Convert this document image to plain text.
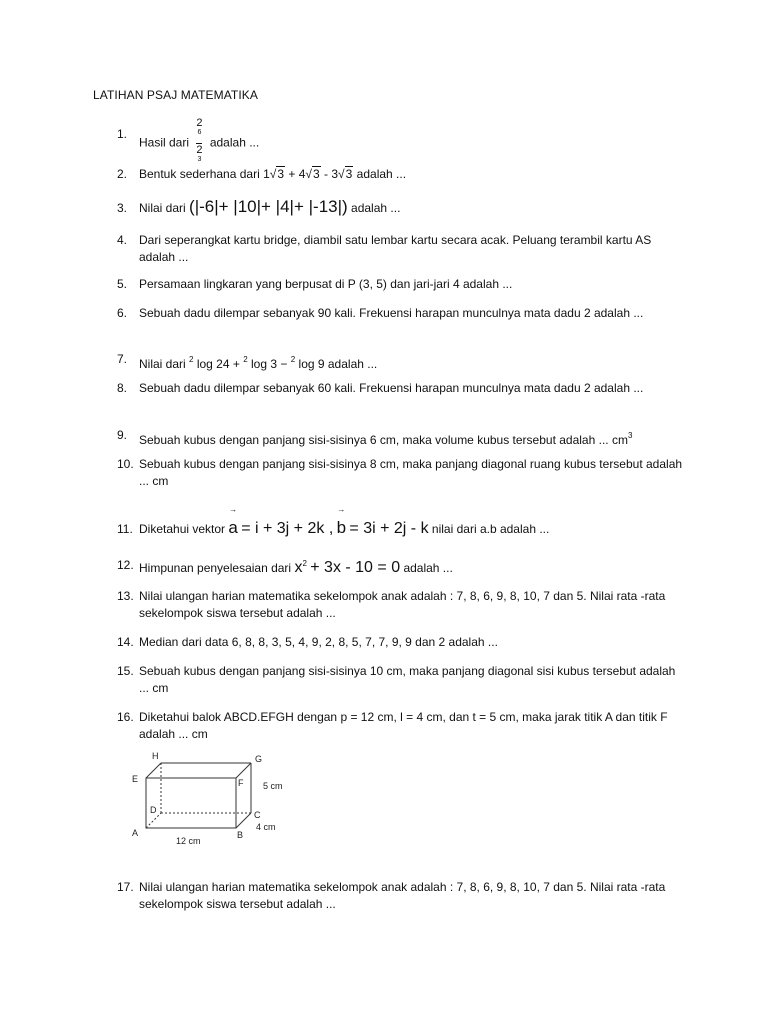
LATIHAN PSAJ MATEMATIKA
1.
Hasil dari 2
$^6$
2
$^3$ adalah ...
2. Bentuk sederhana dari 1√3 + 4√3 - 3√3 adalah ...
3. Nilai dari (|-6|+ |10|+ |4|+ |-13|) adalah ...
4. Dari seperangkat kartu bridge, diambil satu lembar kartu secara acak. Peluang terambil kartu AS adalah ...
5. Persamaan lingkaran yang berpusat di P (3, 5) dan jari-jari 4 adalah ...
6. Sebuah dadu dilempar sebanyak 90 kali. Frekuensi harapan munculnya mata dadu 2 adalah ...
7. Nilai dari $^2$ log 24 + $^2$ log 3 − $^2$ log 9 adalah ...
8. Sebuah dadu dilempar sebanyak 60 kali. Frekuensi harapan munculnya mata dadu 2 adalah ...
9. Sebuah kubus dengan panjang sisi-sisinya 6 cm, maka volume kubus tersebut adalah ... $cm^3$
10. Sebuah kubus dengan panjang sisi-sisinya 8 cm, maka panjang diagonal ruang kubus tersebut adalah ... cm
11. Diketahui vektor
→
a = i + 3j + 2k ,
→
b = 3i + 2j - k nilai dari a.b adalah ...
12. Himpunan penyelesaian dari $x^2 + 3x - 10 = 0$ adalah ...
13. Nilai ulangan harian matematika sekelompok anak adalah : 7, 8, 6, 9, 8, 10, 7 dan 5. Nilai rata -rata sekelompok siswa tersebut adalah ...
14. Median dari data 6, 8, 8, 3, 5, 4, 9, 2, 8, 5, 7, 7, 9, 9 dan 2 adalah ...
15. Sebuah kubus dengan panjang sisi-sisinya 10 cm, maka panjang diagonal sisi kubus tersebut adalah ... cm
16. Diketahui balok ABCD.EFGH dengan p = 12 cm, l = 4 cm, dan t = 5 cm, maka jarak titik A dan titik F adalah ... cm
H	G
E	F
D	C
A	B
5 cm
4 cm
12 cm
17. Nilai ulangan harian matematika sekelompok anak adalah : 7, 8, 6, 9, 8, 10, 7 dan 5. Nilai rata -rata sekelompok siswa tersebut adalah ...
